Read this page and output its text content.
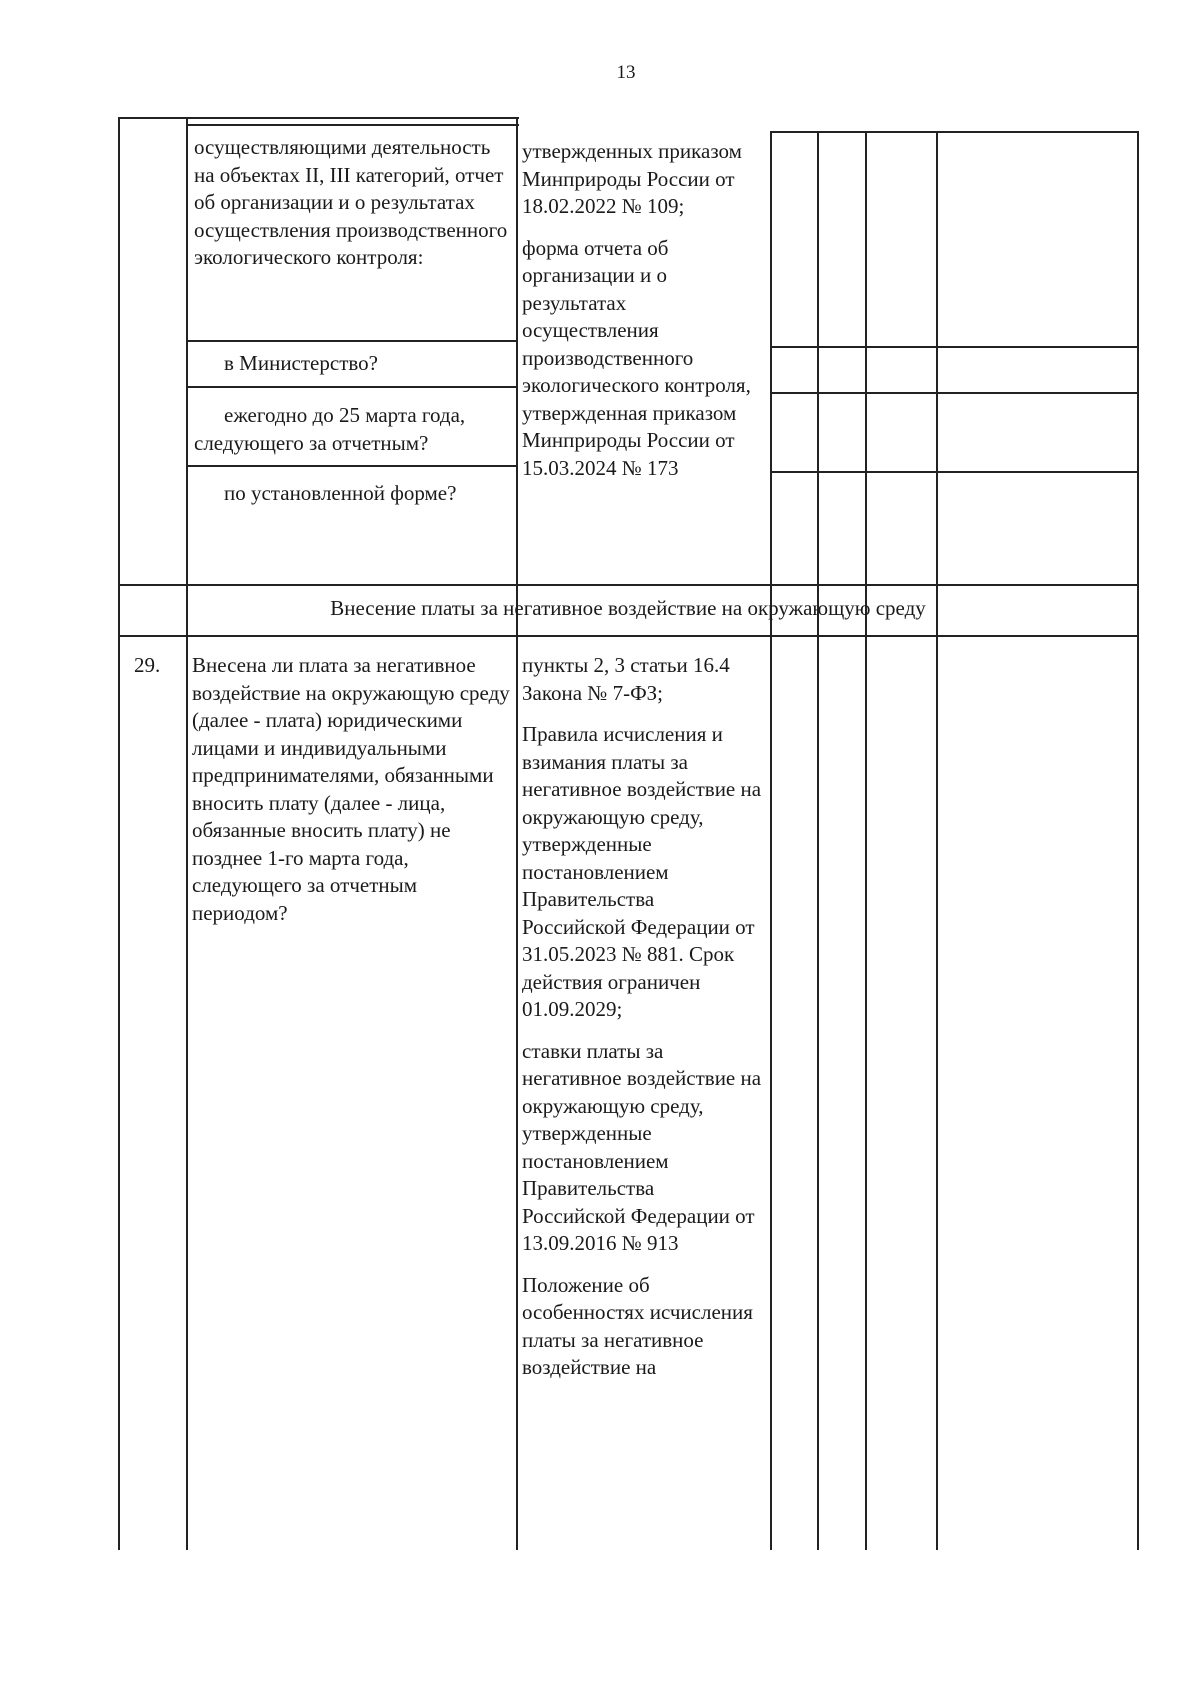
13

осуществляющими деятельность на объектах II, III категорий, отчет об организации и о результатах осуществления производственного экологического контроля:

в Министерство?

ежегодно до 25 марта года, следующего за отчетным?

по установленной форме?

утвержденных приказом Минприроды России от 18.02.2022 № 109;

форма отчета об организации и о результатах осуществления производственного экологического контроля, утвержденная приказом Минприроды России от 15.03.2024 № 173

Внесение платы за негативное воздействие на окружающую среду
29.	Внесена ли плата за негативное воздействие на окружающую среду (далее - плата) юридическими лицами и индивидуальными предпринимателями, обязанными вносить плату (далее - лица, обязанные вносить плату) не позднее 1-го марта года, следующего за отчетным периодом?

пункты 2, 3 статьи 16.4 Закона № 7-ФЗ;

Правила исчисления и взимания платы за негативное воздействие на окружающую среду, утвержденные постановлением Правительства Российской Федерации от 31.05.2023 № 881. Срок действия ограничен 01.09.2029;

ставки платы за негативное воздействие на окружающую среду, утвержденные постановлением Правительства Российской Федерации от 13.09.2016 № 913

Положение об особенностях исчисления платы за негативное воздействие на
